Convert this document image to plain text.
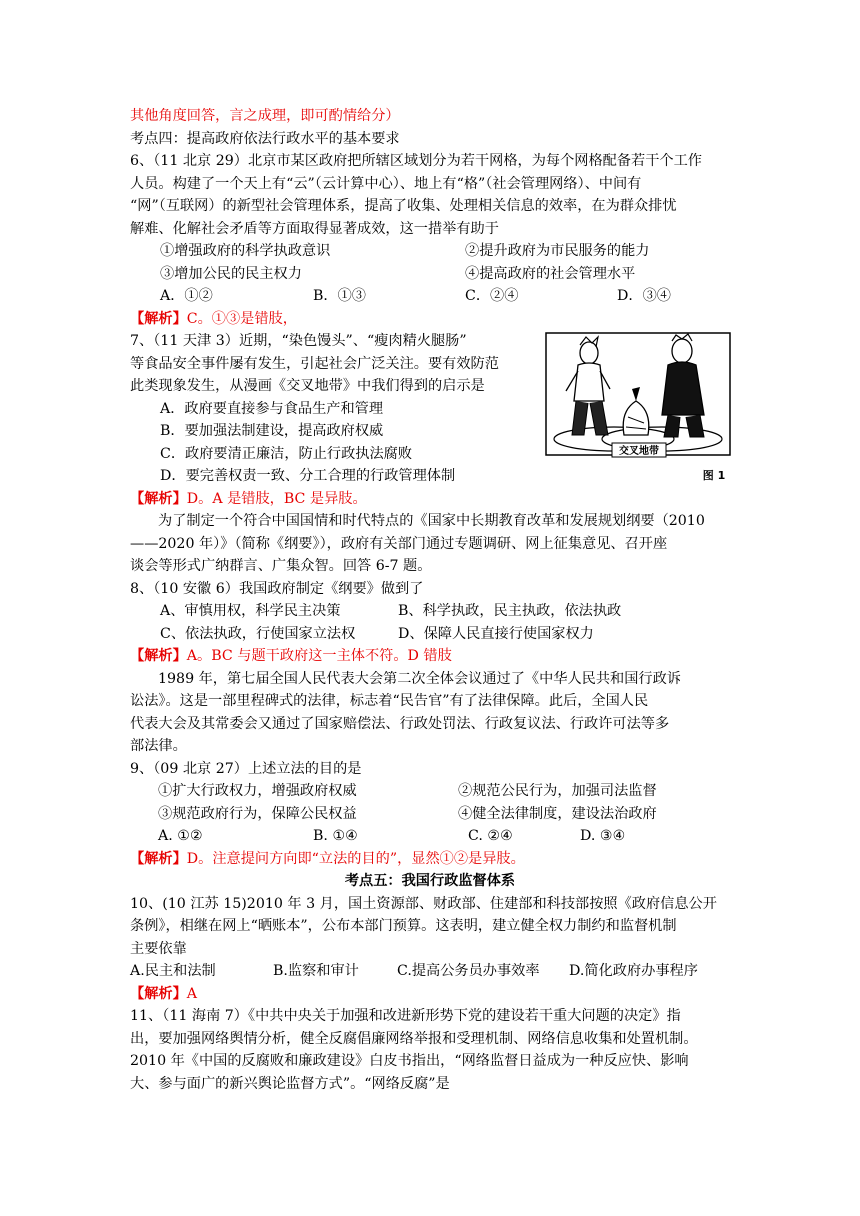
其他角度回答，言之成理，即可酌情给分）
考点四：提高政府依法行政水平的基本要求
6、（11 北京 29）北京市某区政府把所辖区域划分为若干网格，为每个网格配备若干个工作
人员。构建了一个天上有“云”（云计算中心）、地上有“格”（社会管理网络）、中间有
“网”（互联网）的新型社会管理体系，提高了收集、处理相关信息的效率，在为群众排忧
解难、化解社会矛盾等方面取得显著成效，这一措举有助于
①增强政府的科学执政意识	②提升政府为市民服务的能力
③增加公民的民主权力	④提高政府的社会管理水平
A．①②	B．①③	C．②④	D．③④
【解析】C。①③是错肢，
7、（11 天津 3）近期，“染色馒头”、“瘦肉精火腿肠”
等食品安全事件屡有发生，引起社会广泛关注。要有效防范
此类现象发生，从漫画《交叉地带》中我们得到的启示是
A．政府要直接参与食品生产和管理
B．要加强法制建设，提高政府权威
C．政府要清正廉洁，防止行政执法腐败
D．要完善权责一致、分工合理的行政管理体制
【解析】D。A 是错肢，BC 是异肢。
为了制定一个符合中国国情和时代特点的《国家中长期教育改革和发展规划纲要（2010
——2020 年）》（简称《纲要》），政府有关部门通过专题调研、网上征集意见、召开座
谈会等形式广纳群言、广集众智。回答 6-7 题。
8、（10 安徽 6）我国政府制定《纲要》做到了
A、审慎用权，科学民主决策	B、科学执政，民主执政，依法执政
C、依法执政，行使国家立法权	D、保障人民直接行使国家权力
【解析】A。BC 与题干政府这一主体不符。D 错肢
1989 年，第七届全国人民代表大会第二次全体会议通过了《中华人民共和国行政诉
讼法》。这是一部里程碑式的法律，标志着“民告官”有了法律保障。此后，全国人民
代表大会及其常委会又通过了国家赔偿法、行政处罚法、行政复议法、行政许可法等多
部法律。
9、（09 北京 27）上述立法的目的是
①扩大行政权力，增强政府权威	②规范公民行为，加强司法监督
③规范政府行为，保障公民权益	④健全法律制度，建设法治政府
A. ①②	B. ①④	C. ②④	D. ③④
【解析】D。注意提问方向即“立法的目的”，显然①②是异肢。
考点五：我国行政监督体系
10、(10 江苏 15)2010 年 3 月，国土资源部、财政部、住建部和科技部按照《政府信息公开
条例》，相继在网上“晒账本”，公布本部门预算。这表明，建立健全权力制约和监督机制
主要依靠
A.民主和法制	B.监察和审计	C.提高公务员办事效率	D.简化政府办事程序
【解析】A
11、（11 海南 7）《中共中央关于加强和改进新形势下党的建设若干重大问题的决定》指
出，要加强网络舆情分析，健全反腐倡廉网络举报和受理机制、网络信息收集和处置机制。
2010 年《中国的反腐败和廉政建设》白皮书指出，“网络监督日益成为一种反应快、影响
大、参与面广的新兴舆论监督方式”。“网络反腐”是
交叉地带
图 1
